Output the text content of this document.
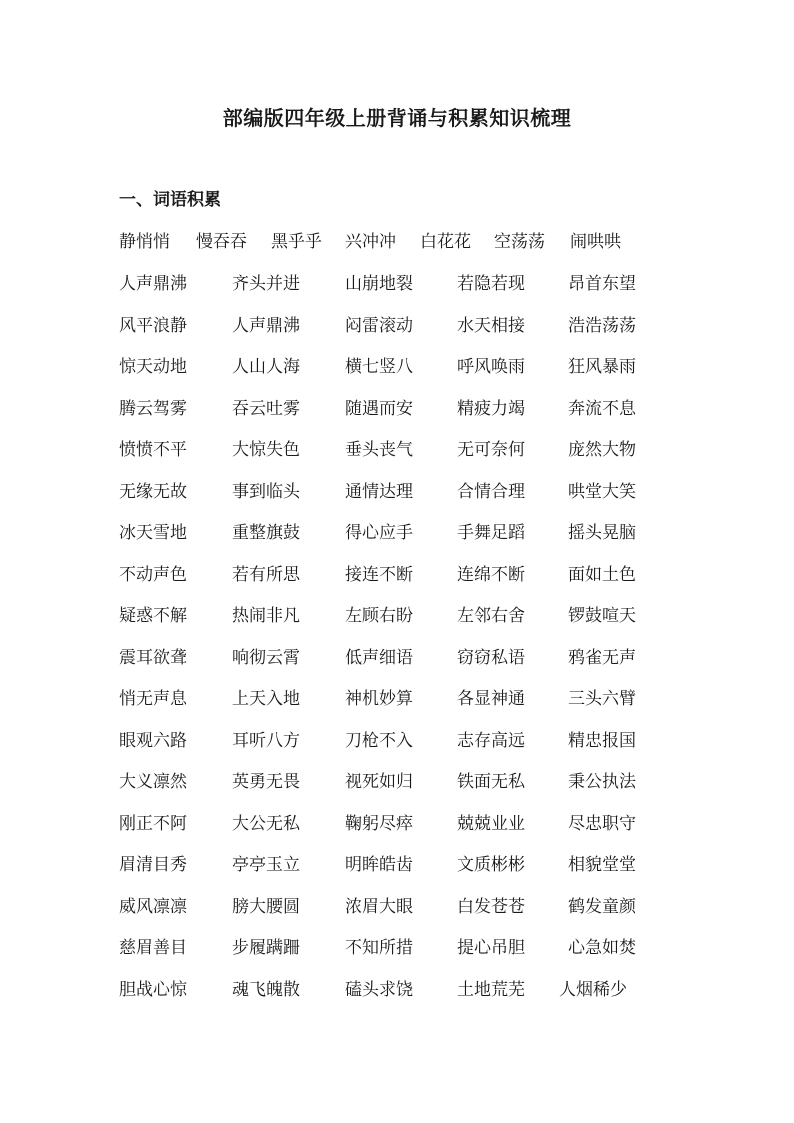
部编版四年级上册背诵与积累知识梳理
一、词语积累
静悄悄 慢吞吞 黑乎乎 兴冲冲 白花花 空荡荡 闹哄哄
人声鼎沸	齐头并进	山崩地裂	若隐若现	昂首东望
风平浪静	人声鼎沸	闷雷滚动	水天相接	浩浩荡荡
惊天动地	人山人海	横七竖八	呼风唤雨	狂风暴雨
腾云驾雾	吞云吐雾	随遇而安	精疲力竭	奔流不息
愤愤不平	大惊失色	垂头丧气	无可奈何	庞然大物
无缘无故	事到临头	通情达理	合情合理	哄堂大笑
冰天雪地	重整旗鼓	得心应手	手舞足蹈	摇头晃脑
不动声色	若有所思	接连不断	连绵不断	面如土色
疑惑不解	热闹非凡	左顾右盼	左邻右舍	锣鼓喧天
震耳欲聋	响彻云霄	低声细语	窃窃私语	鸦雀无声
悄无声息	上天入地	神机妙算	各显神通	三头六臂
眼观六路	耳听八方	刀枪不入	志存高远	精忠报国
大义凛然	英勇无畏	视死如归	铁面无私	秉公执法
刚正不阿	大公无私	鞠躬尽瘁	兢兢业业	尽忠职守
眉清目秀	亭亭玉立	明眸皓齿	文质彬彬	相貌堂堂
威风凛凛	膀大腰圆	浓眉大眼	白发苍苍	鹤发童颜
慈眉善目	步履蹒跚	不知所措	提心吊胆	心急如焚
胆战心惊	魂飞魄散	磕头求饶	土地荒芜 人烟稀少
